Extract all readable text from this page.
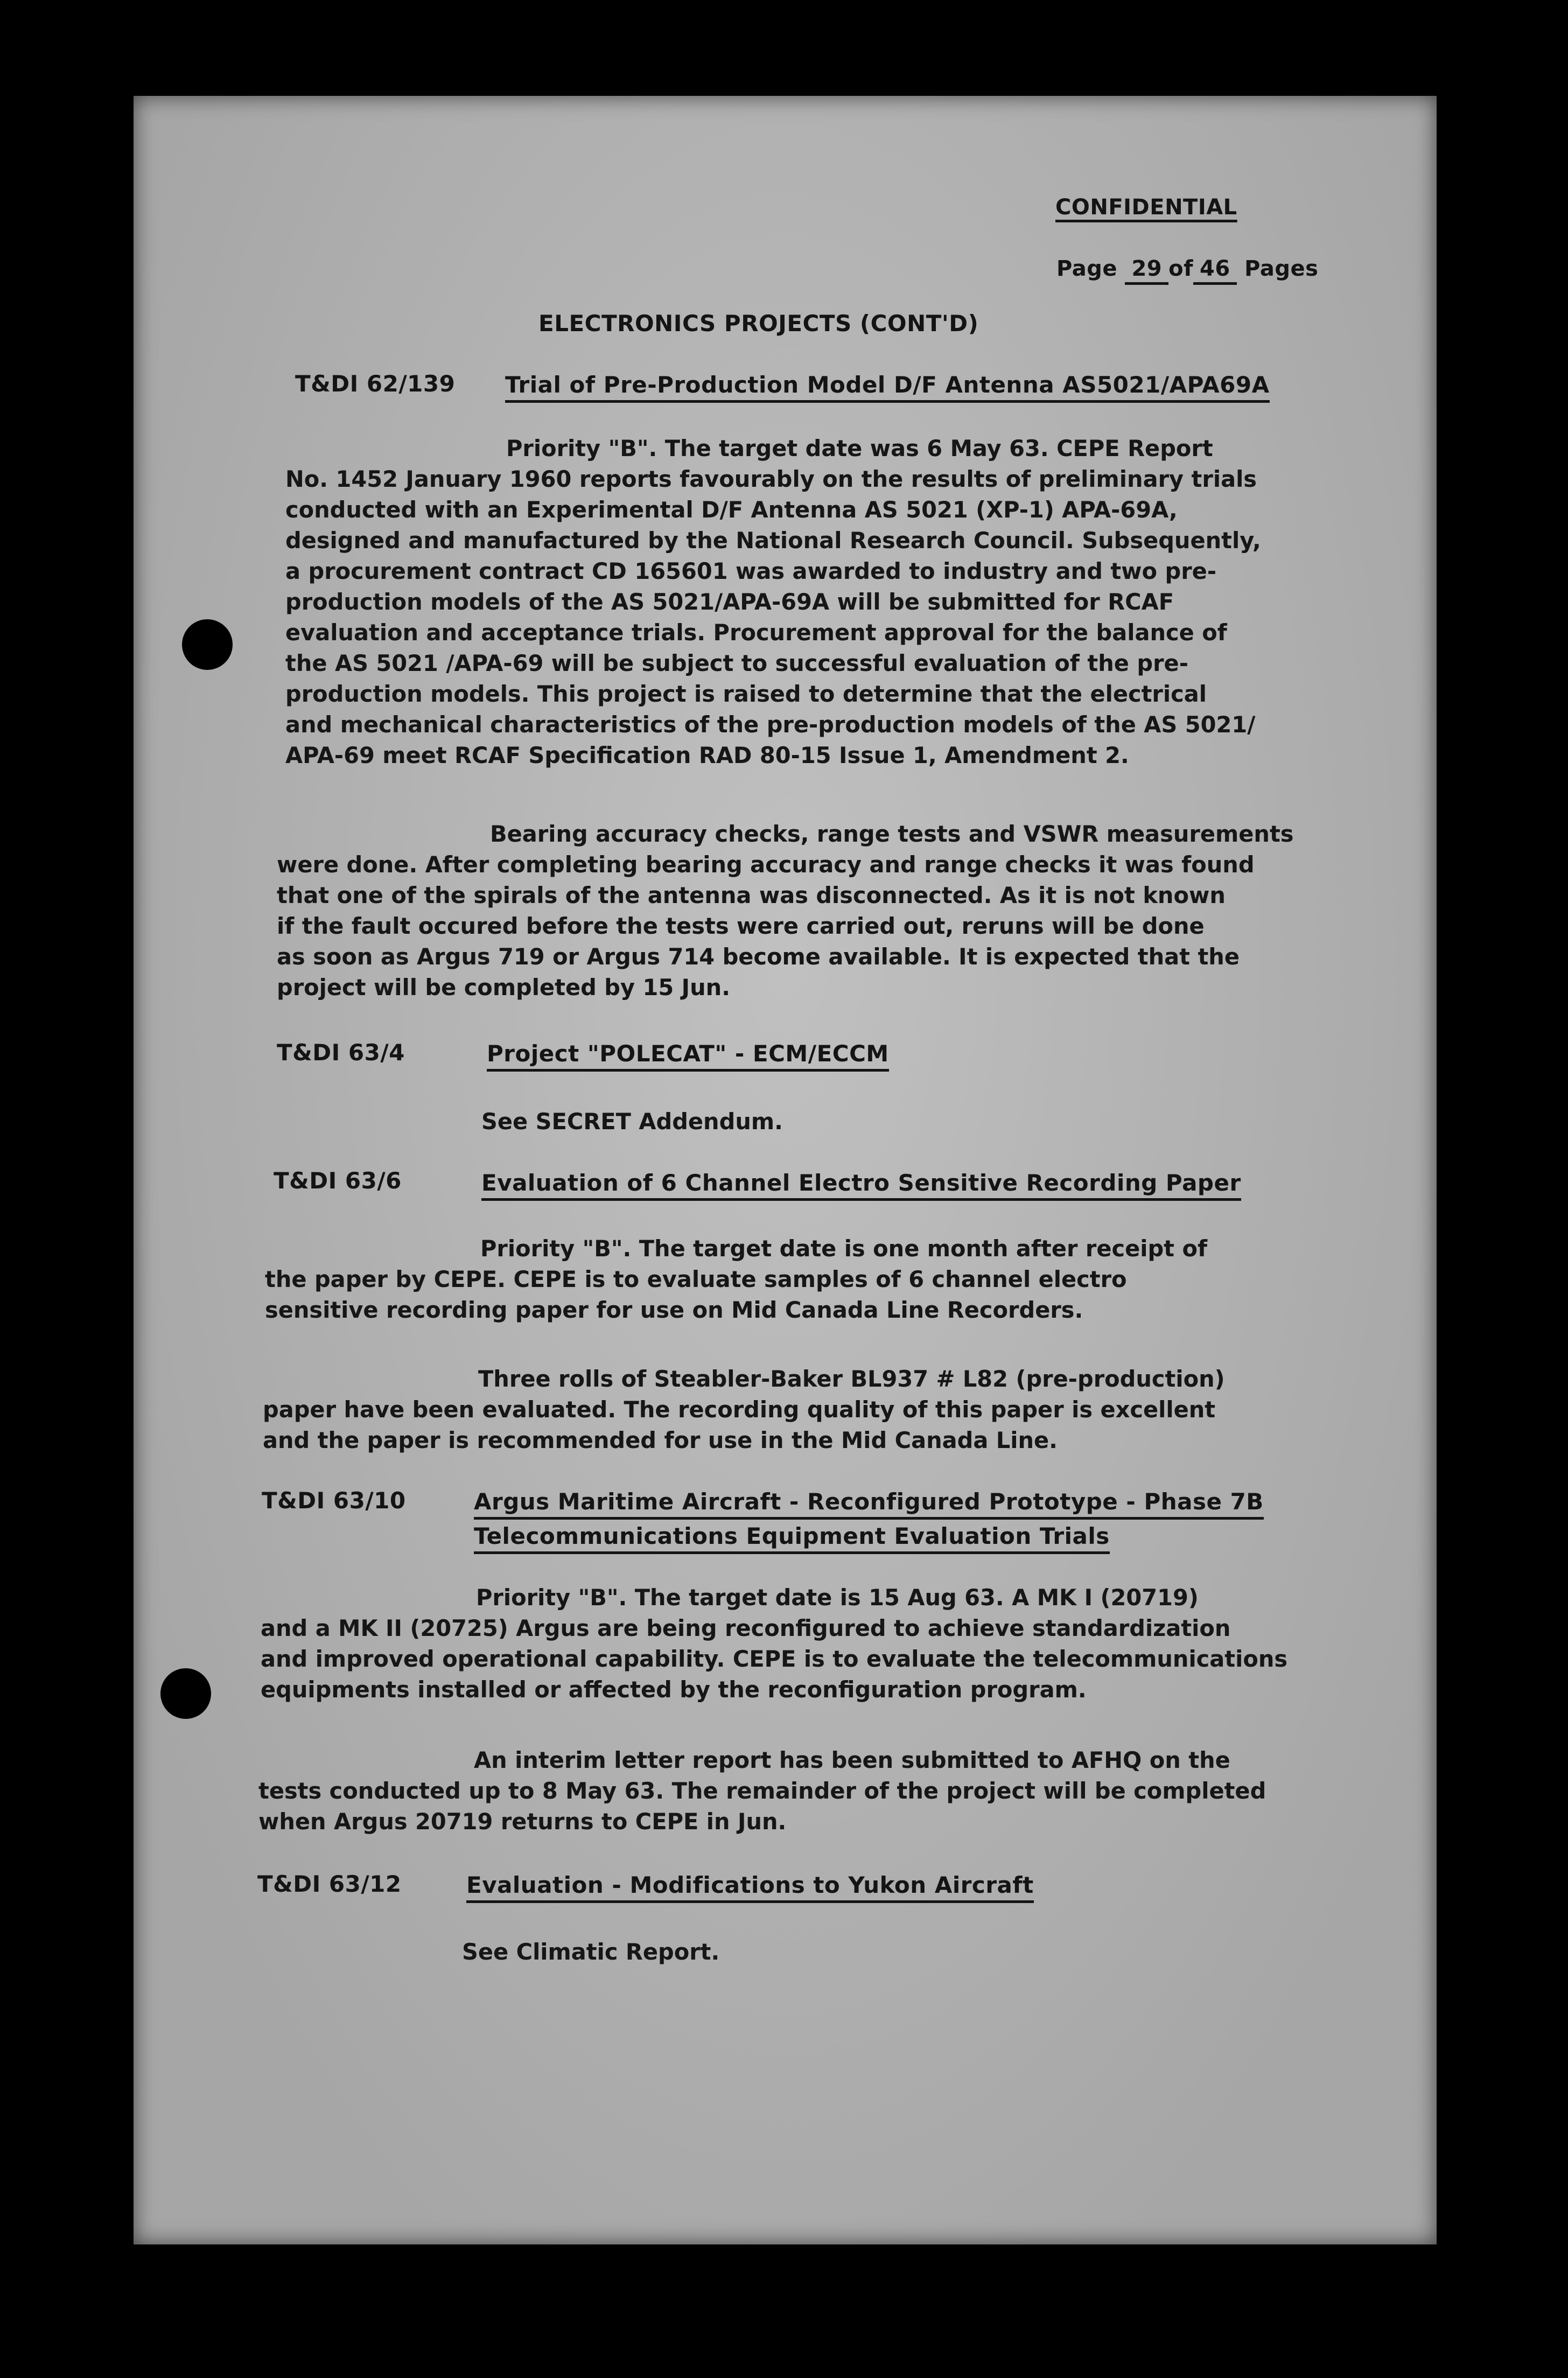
CONFIDENTIAL
Page 29 of 46 Pages
ELECTRONICS PROJECTS (CONT'D)
T&DI 62/139 Trial of Pre-Production Model D/F Antenna AS5021/APA69A
Priority "B". The target date was 6 May 63. CEPE Report
No. 1452 January 1960 reports favourably on the results of preliminary trials
conducted with an Experimental D/F Antenna AS 5021 (XP-1) APA-69A,
designed and manufactured by the National Research Council. Subsequently,
a procurement contract CD 165601 was awarded to industry and two pre-
production models of the AS 5021/APA-69A will be submitted for RCAF
evaluation and acceptance trials. Procurement approval for the balance of
the AS 5021 /APA-69 will be subject to successful evaluation of the pre-
production models. This project is raised to determine that the electrical
and mechanical characteristics of the pre-production models of the AS 5021/
APA-69 meet RCAF Specification RAD 80-15 Issue 1, Amendment 2.
Bearing accuracy checks, range tests and VSWR measurements
were done. After completing bearing accuracy and range checks it was found
that one of the spirals of the antenna was disconnected. As it is not known
if the fault occured before the tests were carried out, reruns will be done
as soon as Argus 719 or Argus 714 become available. It is expected that the
project will be completed by 15 Jun.
T&DI 63/4	Project "POLECAT" - ECM/ECCM
See SECRET Addendum.
T&DI 63/6	Evaluation of 6 Channel Electro Sensitive Recording Paper
Priority "B". The target date is one month after receipt of
the paper by CEPE. CEPE is to evaluate samples of 6 channel electro
sensitive recording paper for use on Mid Canada Line Recorders.
Three rolls of Steabler-Baker BL937 # L82 (pre-production)
paper have been evaluated. The recording quality of this paper is excellent
and the paper is recommended for use in the Mid Canada Line.
T&DI 63/10	Argus Maritime Aircraft - Reconfigured Prototype - Phase 7B
Telecommunications Equipment Evaluation Trials
Priority "B". The target date is 15 Aug 63. A MK I (20719)
and a MK II (20725) Argus are being reconfigured to achieve standardization
and improved operational capability. CEPE is to evaluate the telecommunications
equipments installed or affected by the reconfiguration program.
An interim letter report has been submitted to AFHQ on the
tests conducted up to 8 May 63. The remainder of the project will be completed
when Argus 20719 returns to CEPE in Jun.
T&DI 63/12	Evaluation - Modifications to Yukon Aircraft
See Climatic Report.
